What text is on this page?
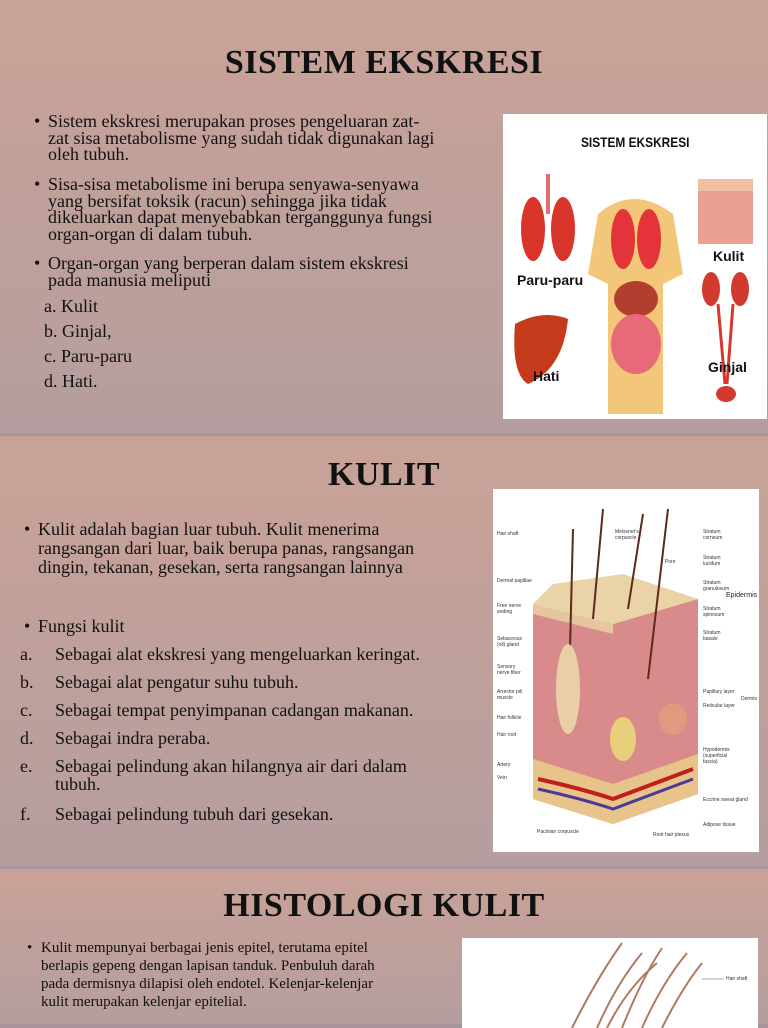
SISTEM EKSKRESI
• Sistem ekskresi merupakan proses pengeluaran zat-
zat sisa metabolisme yang sudah tidak digunakan lagi
oleh tubuh.
• Sisa-sisa metabolisme ini berupa senyawa-senyawa
yang bersifat toksik (racun) sehingga jika tidak
dikeluarkan dapat menyebabkan terganggunya fungsi
organ-organ di dalam tubuh.
• Organ-organ yang berperan dalam sistem ekskresi
pada manusia meliputi
a. Kulit
b. Ginjal,
c. Paru-paru
d. Hati.
SISTEM EKSKRESI
Paru-paru
Kulit
Hati
Ginjal
KULIT
• Kulit adalah bagian luar tubuh. Kulit menerima
rangsangan dari luar, baik berupa panas, rangsangan
dingin, tekanan, gesekan, serta rangsangan lainnya
• Fungsi kulit
a. Sebagai alat ekskresi yang mengeluarkan keringat.
b. Sebagai alat pengatur suhu tubuh.
c. Sebagai tempat penyimpanan cadangan makanan.
d. Sebagai indra peraba.
e. Sebagai pelindung akan hilangnya air dari dalam
tubuh.
f. Sebagai pelindung tubuh dari gesekan.
Hair shaft
Dermal papillae
Free nerve ending
Sebaceous (oil) gland
Sensory nerve fiber
Arrector pili muscle
Hair follicle
Hair root
Artery
Vein
Stratum corneum
Stratum lucidum
Stratum granulosum
Stratum spinosum
Stratum basale
Papillary layer
Reticular layer
Hypodermis (superficial fascia)
Eccrine sweat gland
Adipose tissue
Epidermis
Dermis
Meissner's corpuscle
Pore
Pacinian corpuscle	Root hair plexus
HISTOLOGI KULIT
• Kulit mempunyai berbagai jenis epitel, terutama epitel
berlapis gepeng dengan lapisan tanduk. Penbuluh darah
pada dermisnya dilapisi oleh endotel. Kelenjar-kelenjar
kulit merupakan kelenjar epitelial.
Hair shaft
